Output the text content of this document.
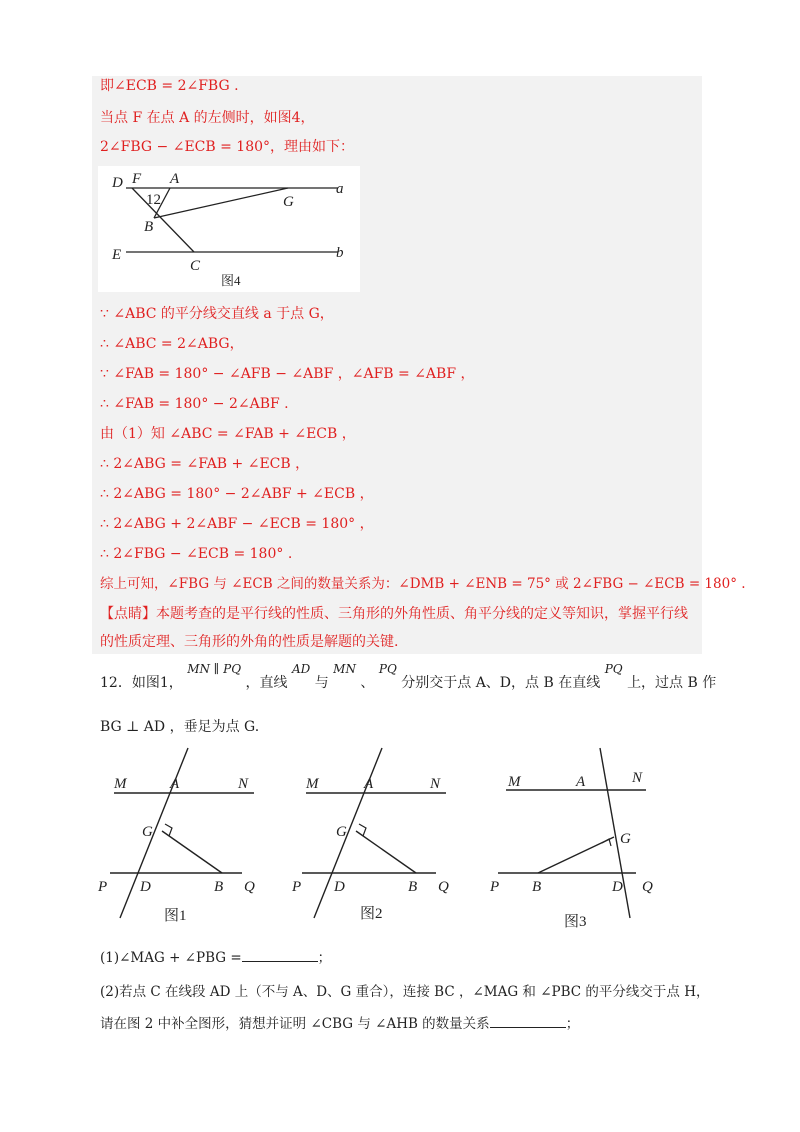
即∠ECB = 2∠FBG .
当点 F 在点 A 的左侧时，如图4，
2∠FBG − ∠ECB = 180°，理由如下：
D F A
a
12	G
B
E
C
b
图4
∵ ∠ABC 的平分线交直线 a 于点 G，
∴ ∠ABC = 2∠ABG，
∵ ∠FAB = 180° − ∠AFB − ∠ABF ，∠AFB = ∠ABF ，
∴ ∠FAB = 180° − 2∠ABF .
由（1）知 ∠ABC = ∠FAB + ∠ECB ，
∴ 2∠ABG = ∠FAB + ∠ECB ，
∴ 2∠ABG = 180° − 2∠ABF + ∠ECB ，
∴ 2∠ABG + 2∠ABF − ∠ECB = 180° ，
∴ 2∠FBG − ∠ECB = 180° .
综上可知，∠FBG 与 ∠ECB 之间的数量关系为：∠DMB + ∠ENB = 75° 或 2∠FBG − ∠ECB = 180° .
【点睛】本题考查的是平行线的性质、三角形的外角性质、角平分线的定义等知识，掌握平行线
的性质定理、三角形的外角的性质是解题的关键.
12．如图1， MN ∥ PQ ，直线 AD 与 MN 、 PQ 分别交于点 A、D，点 B 在直线 PQ 上，过点 B 作
BG ⊥ AD ，垂足为点 G.
M	A	N
G
P D	B Q
图1
M	A	N
G
P D	B Q
图2
M	A	N
G
P B	D Q
图3
(1)∠MAG + ∠PBG =	；
(2)若点 C 在线段 AD 上（不与 A、D、G 重合），连接 BC ，∠MAG 和 ∠PBC 的平分线交于点 H，
请在图 2 中补全图形，猜想并证明 ∠CBG 与 ∠AHB 的数量关系	；
